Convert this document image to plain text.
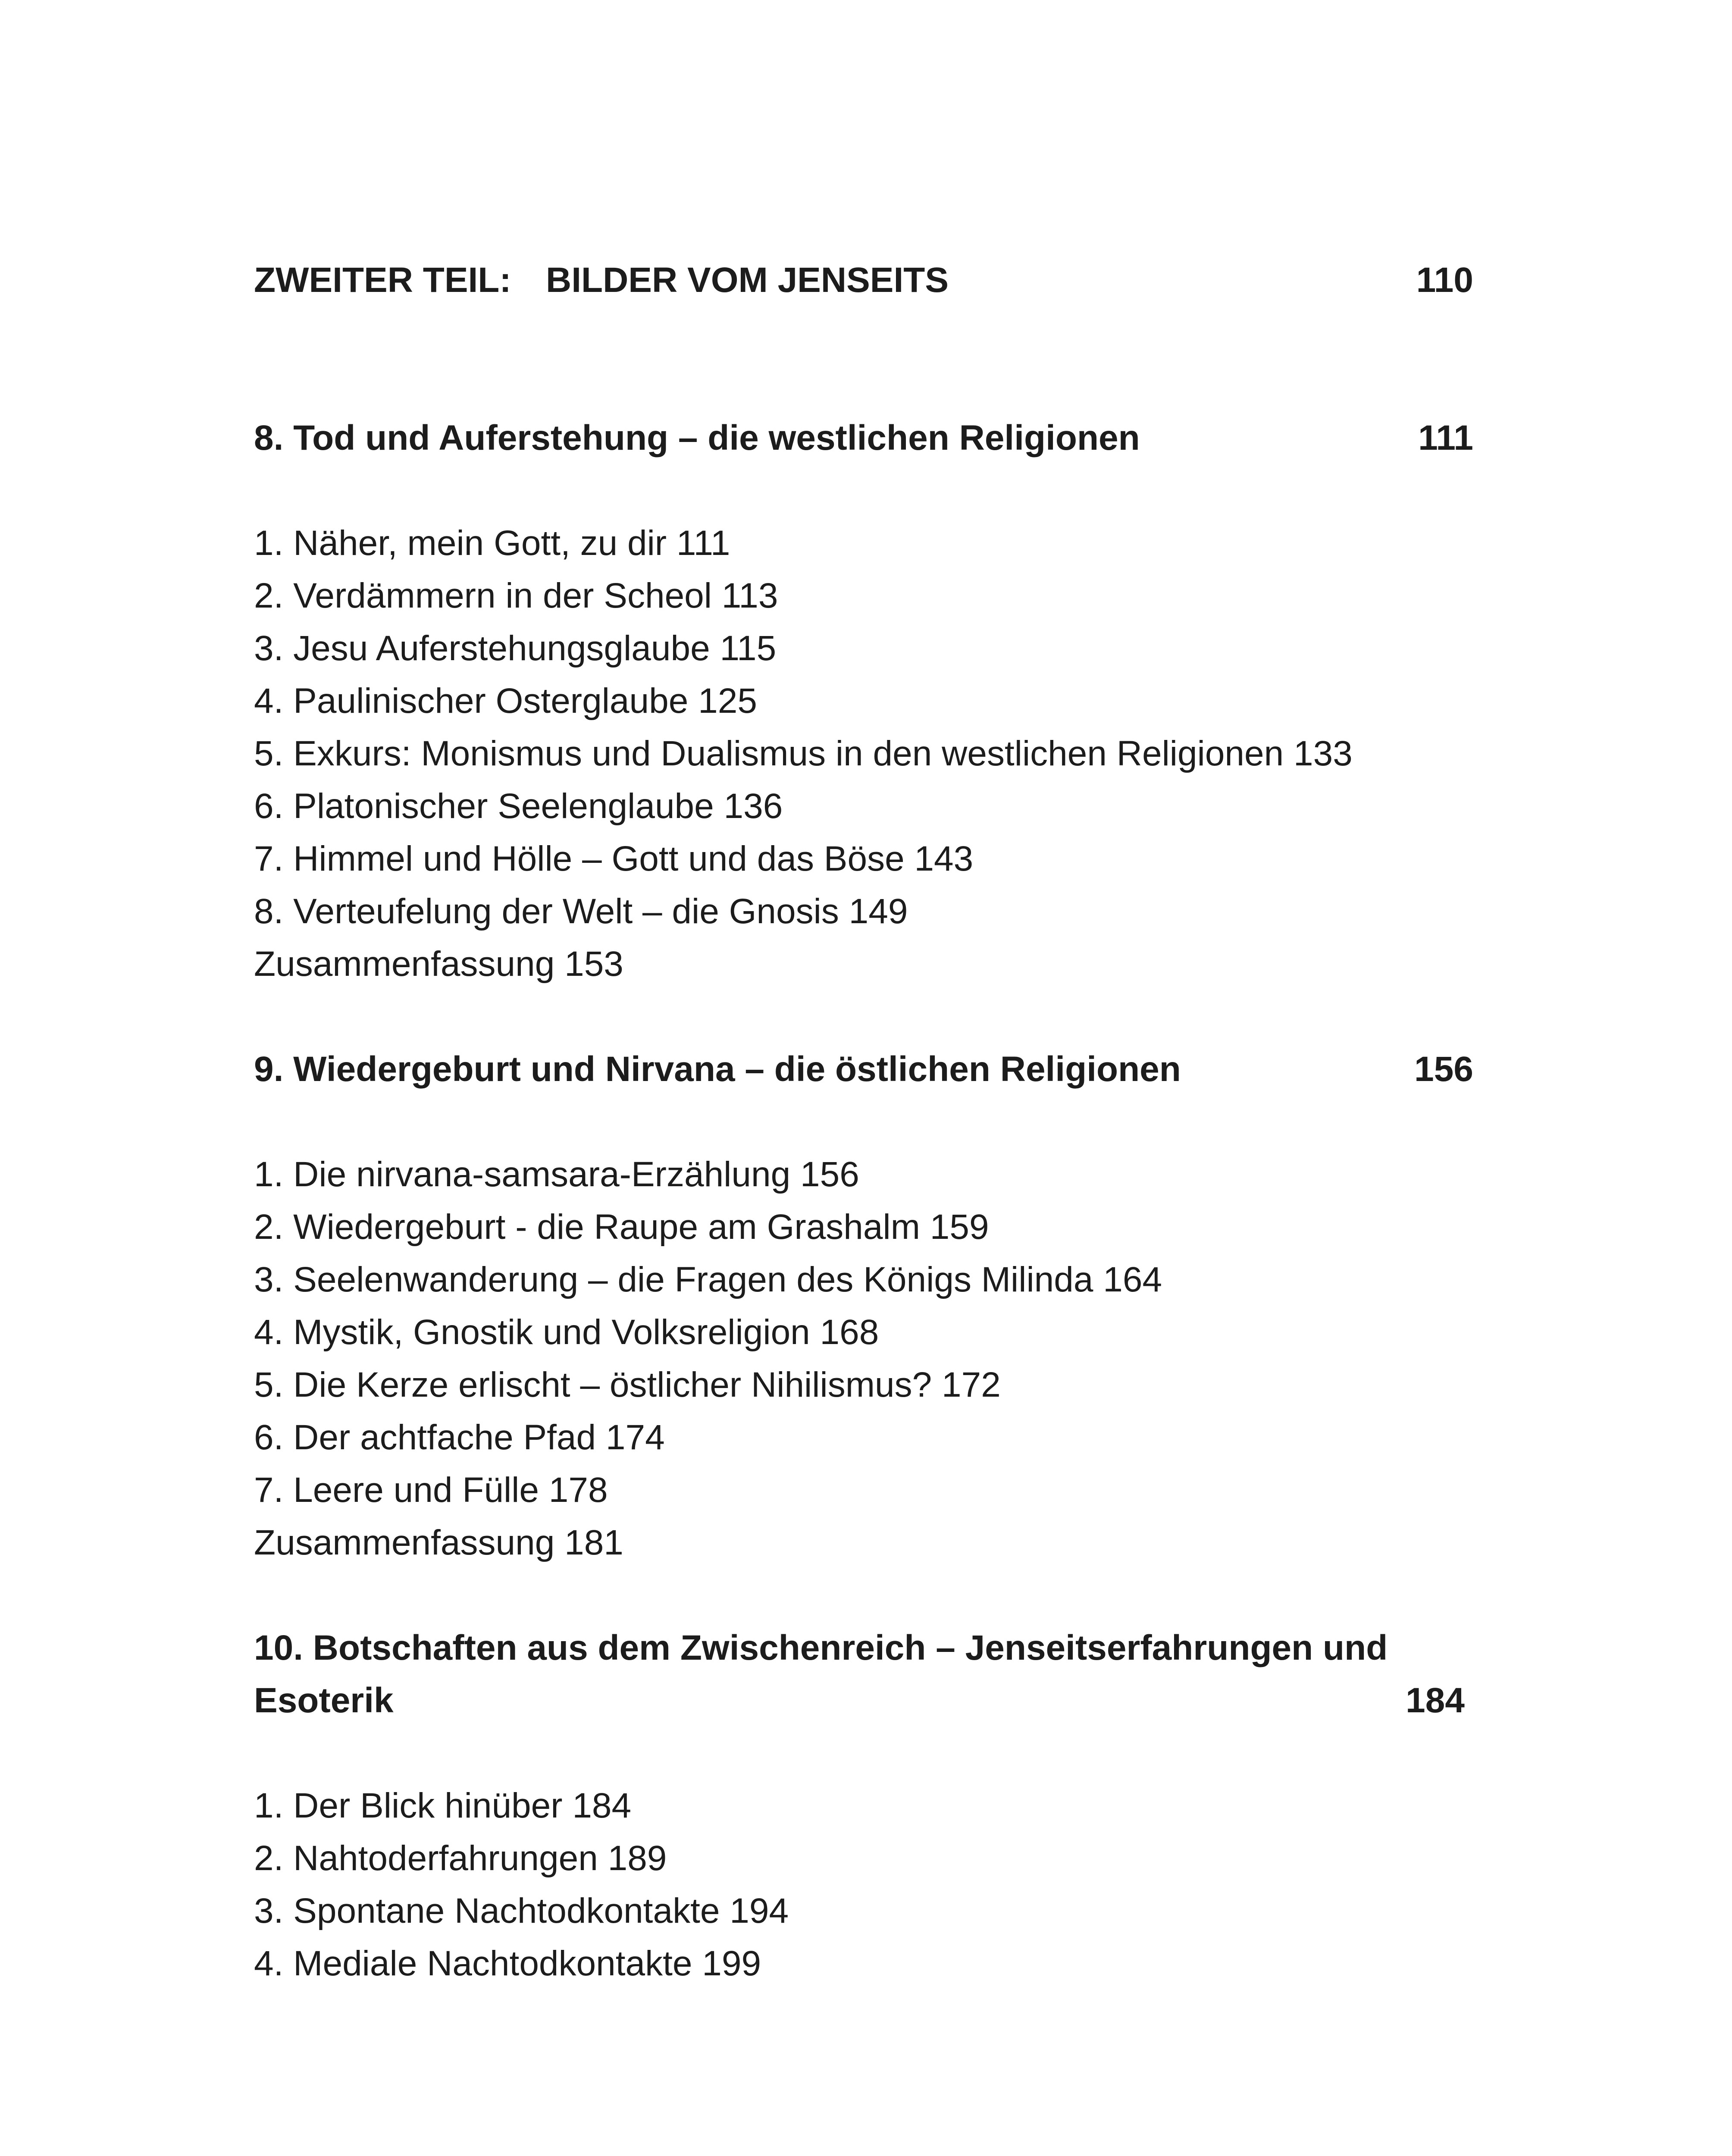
ZWEITER TEIL: BILDER VOM JENSEITS	110
8. Tod und Auferstehung – die westlichen Religionen	111
1. Näher, mein Gott, zu dir 111
2. Verdämmern in der Scheol 113
3. Jesu Auferstehungsglaube 115
4. Paulinischer Osterglaube 125
5. Exkurs: Monismus und Dualismus in den westlichen Religionen 133
6. Platonischer Seelenglaube 136
7. Himmel und Hölle – Gott und das Böse 143
8. Verteufelung der Welt – die Gnosis 149
Zusammenfassung 153
9. Wiedergeburt und Nirvana – die östlichen Religionen	156
1. Die nirvana-samsara-Erzählung 156
2. Wiedergeburt - die Raupe am Grashalm 159
3. Seelenwanderung – die Fragen des Königs Milinda 164
4. Mystik, Gnostik und Volksreligion 168
5. Die Kerze erlischt – östlicher Nihilismus? 172
6. Der achtfache Pfad 174
7. Leere und Fülle 178
Zusammenfassung 181
10. Botschaften aus dem Zwischenreich – Jenseitserfahrungen und
Esoterik	184
1. Der Blick hinüber 184
2. Nahtoderfahrungen 189
3. Spontane Nachtodkontakte 194
4. Mediale Nachtodkontakte 199
